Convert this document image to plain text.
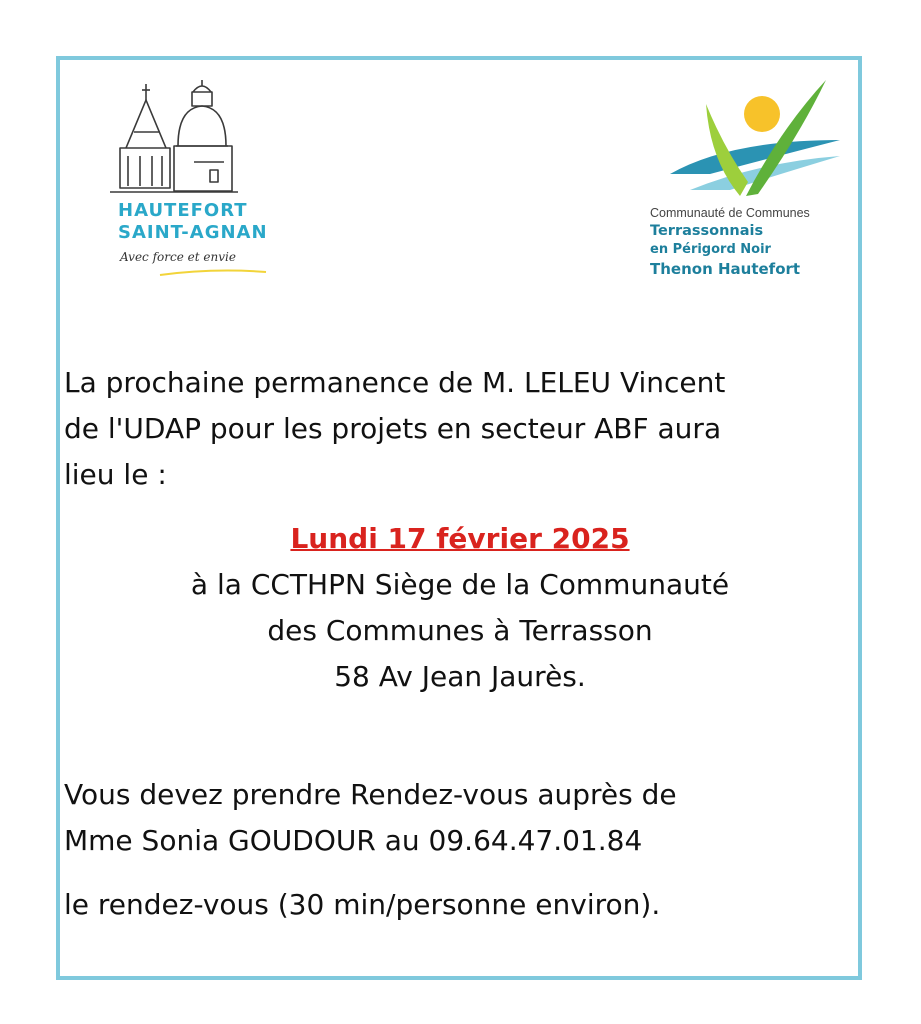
HAUTEFORT
SAINT-AGNAN
Avec force et envie
Communauté de Communes
Terrassonnais
en Périgord Noir
Thenon Hautefort
La prochaine permanence de M. LELEU Vincent
de l'UDAP pour les projets en secteur ABF aura
lieu le :
Lundi 17 février 2025
à la CCTHPN Siège de la Communauté
des Communes à Terrasson
58 Av Jean Jaurès.
Vous devez prendre Rendez-vous auprès de
Mme Sonia GOUDOUR au 09.64.47.01.84
le rendez-vous (30 min/personne environ).
